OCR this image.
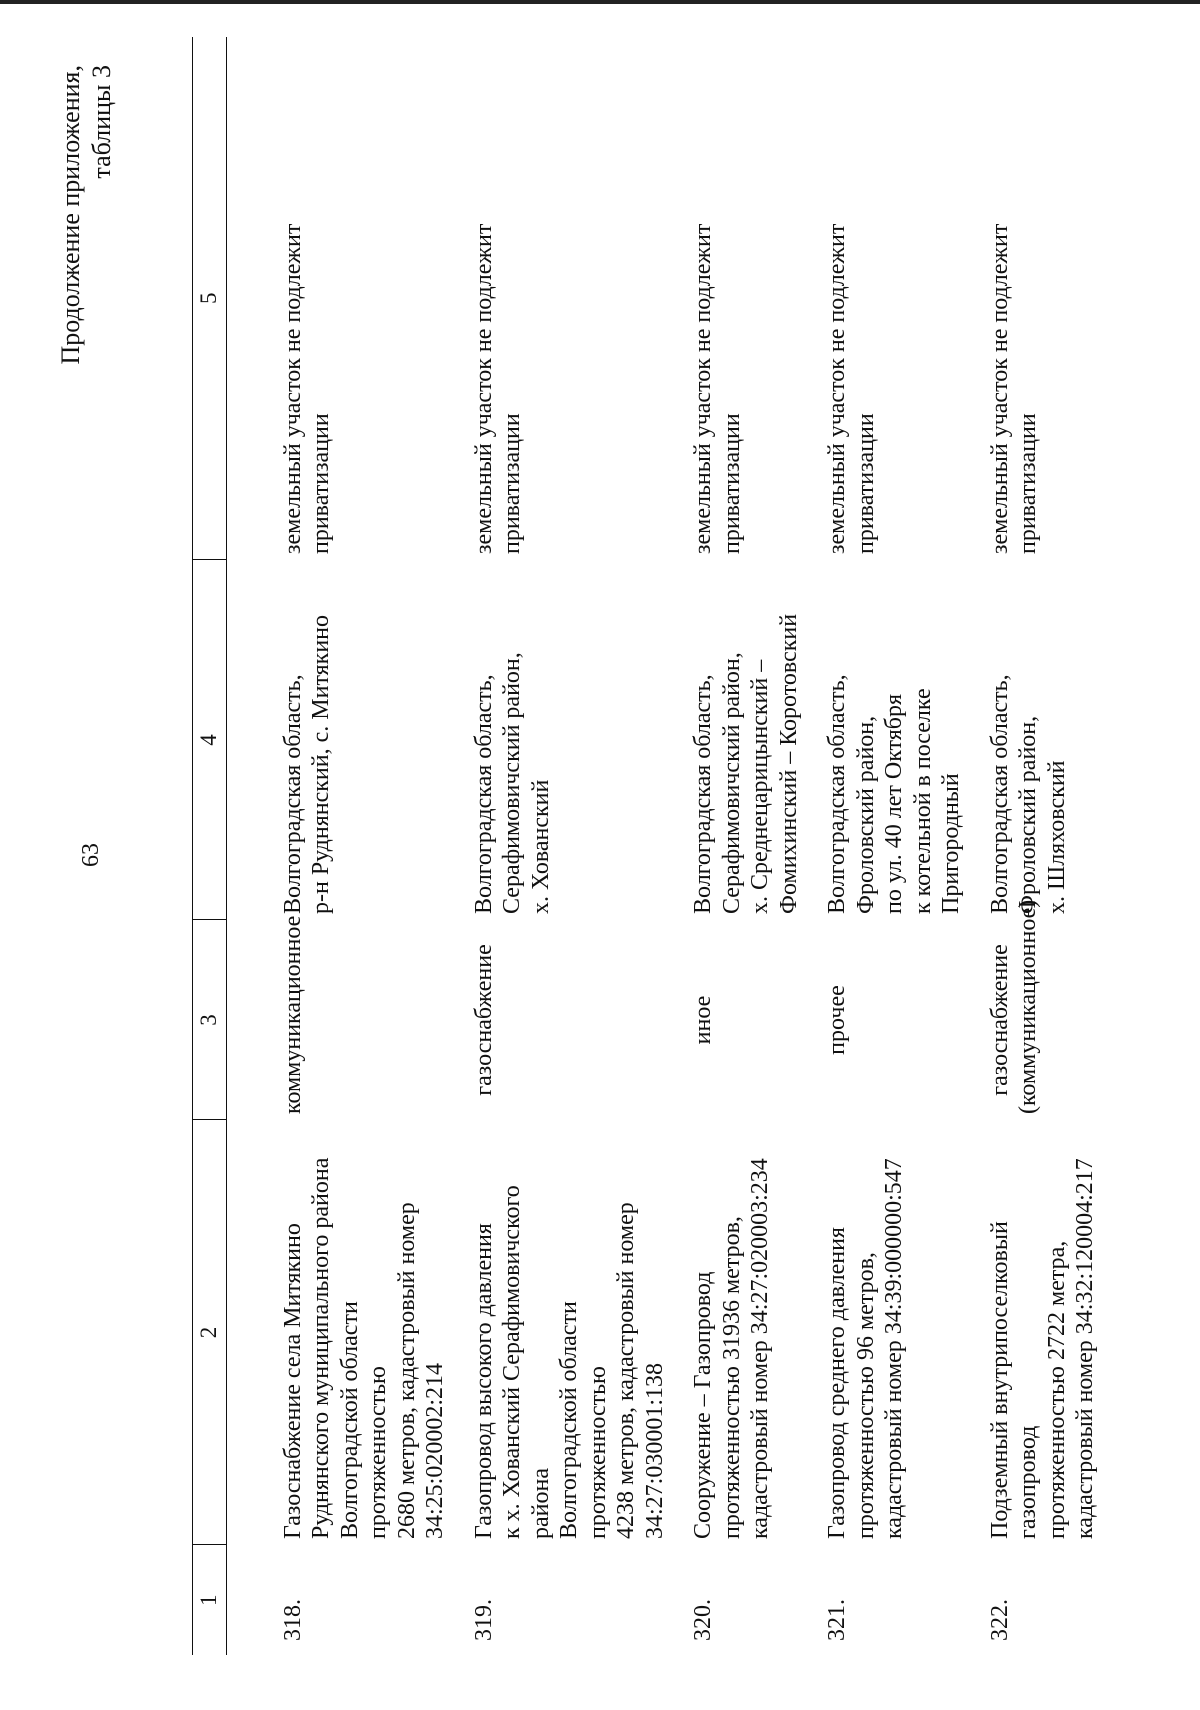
63
Продолжение приложения, таблицы 3
1	2	3	4	5
318.	Газоснабжение села Митякино
Руднянского муниципального района
Волгоградской области протяженностью
2680 метров, кадастровый номер
34:25:020002:214	коммуникационное	Волгоградская область,
р-н Руднянский, с. Митякино	земельный участок не подлежит
приватизации
319.	Газопровод высокого давления
к х. Хованский Серафимовичского района
Волгоградской области протяженностью
4238 метров, кадастровый номер
34:27:030001:138	газоснабжение	Волгоградская область,
Серафимовичский район,
х. Хованский	земельный участок не подлежит
приватизации
320.	Сооружение – Газопровод
протяженностью 31936 метров,
кадастровый номер 34:27:020003:234	иное	Волгоградская область,
Серафимовичский район,
х. Среднецарицынский –
Фомихинский – Коротовский	земельный участок не подлежит
приватизации
321.	Газопровод среднего давления
протяженностью 96 метров,
кадастровый номер 34:39:000000:547	прочее	Волгоградская область,
Фроловский район,
по ул. 40 лет Октября
к котельной в поселке
Пригородный	земельный участок не подлежит
приватизации
322.	Подземный внутрипоселковый газопровод
протяженностью 2722 метра,
кадастровый номер 34:32:120004:217	газоснабжение
(коммуникационное)	Волгоградская область,
Фроловский район,
х. Шляховский	земельный участок не подлежит
приватизации
